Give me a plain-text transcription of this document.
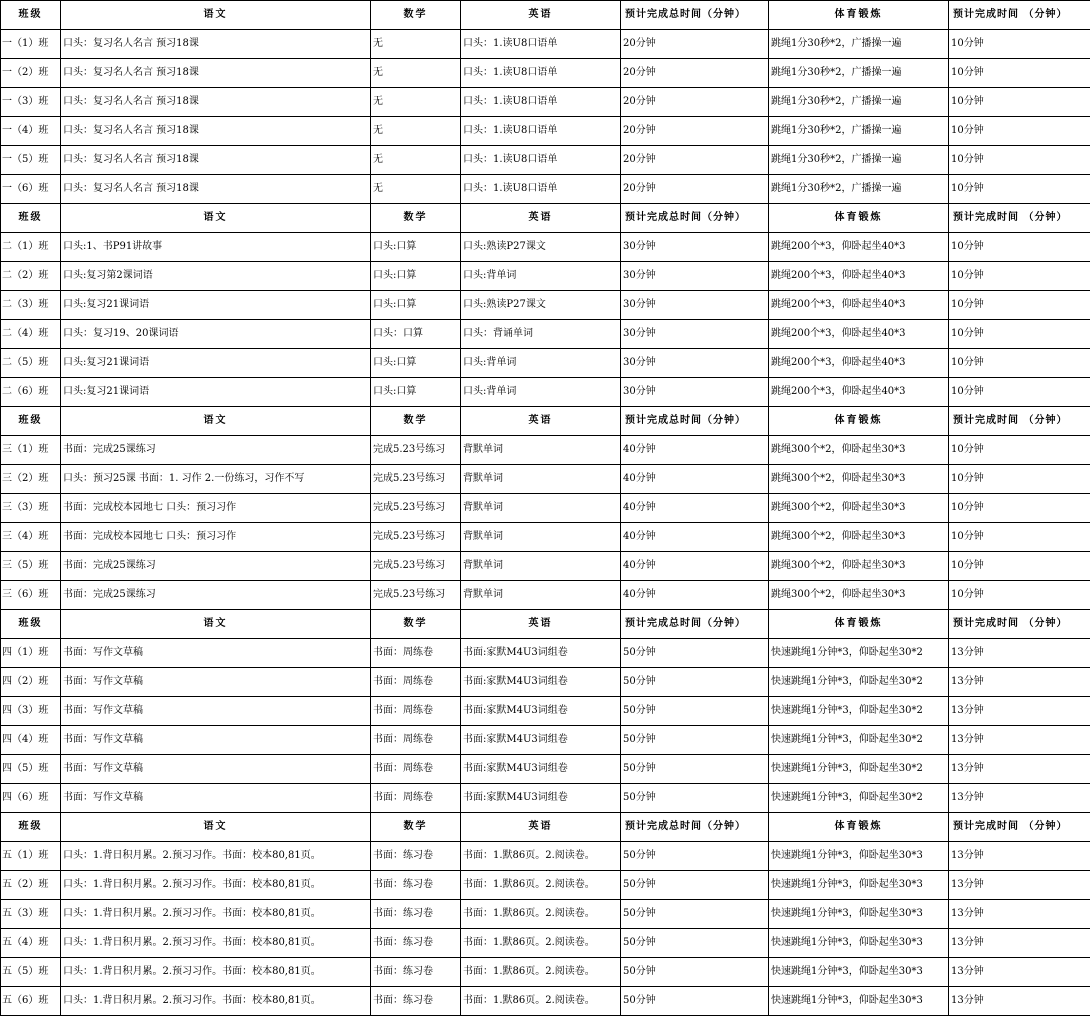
班级	语文	数学	英语	预计完成总时间（分钟）	体育锻炼	预计完成时间 （分钟）
一（1）班	口头：复习名人名言 预习18课	无	口头：1.读U8口语单	20分钟	跳绳1分30秒*2，广播操一遍	10分钟
一（2）班	口头：复习名人名言 预习18课	无	口头：1.读U8口语单	20分钟	跳绳1分30秒*2，广播操一遍	10分钟
一（3）班	口头：复习名人名言 预习18课	无	口头：1.读U8口语单	20分钟	跳绳1分30秒*2，广播操一遍	10分钟
一（4）班	口头：复习名人名言 预习18课	无	口头：1.读U8口语单	20分钟	跳绳1分30秒*2，广播操一遍	10分钟
一（5）班	口头：复习名人名言 预习18课	无	口头：1.读U8口语单	20分钟	跳绳1分30秒*2，广播操一遍	10分钟
一（6）班	口头：复习名人名言 预习18课	无	口头：1.读U8口语单	20分钟	跳绳1分30秒*2，广播操一遍	10分钟
班级	语文	数学	英语	预计完成总时间（分钟）	体育锻炼	预计完成时间 （分钟）
二（1）班	口头:1、书P91讲故事	口头:口算	口头:熟读P27课文	30分钟	跳绳200个*3，仰卧起坐40*3	10分钟
二（2）班	口头:复习第2课词语	口头:口算	口头:背单词	30分钟	跳绳200个*3，仰卧起坐40*3	10分钟
二（3）班	口头:复习21课词语	口头:口算	口头:熟读P27课文	30分钟	跳绳200个*3，仰卧起坐40*3	10分钟
二（4）班	口头：复习19、20课词语	口头：口算	口头：背诵单词	30分钟	跳绳200个*3，仰卧起坐40*3	10分钟
二（5）班	口头:复习21课词语	口头:口算	口头:背单词	30分钟	跳绳200个*3，仰卧起坐40*3	10分钟
二（6）班	口头:复习21课词语	口头:口算	口头:背单词	30分钟	跳绳200个*3，仰卧起坐40*3	10分钟
班级	语文	数学	英语	预计完成总时间（分钟）	体育锻炼	预计完成时间 （分钟）
三（1）班	书面：完成25课练习	完成5.23号练习	背默单词	40分钟	跳绳300个*2，仰卧起坐30*3	10分钟
三（2）班	口头：预习25课 书面：1. 习作 2.一份练习，习作不写	完成5.23号练习	背默单词	40分钟	跳绳300个*2，仰卧起坐30*3	10分钟
三（3）班	书面：完成校本园地七 口头：预习习作	完成5.23号练习	背默单词	40分钟	跳绳300个*2，仰卧起坐30*3	10分钟
三（4）班	书面：完成校本园地七 口头：预习习作	完成5.23号练习	背默单词	40分钟	跳绳300个*2，仰卧起坐30*3	10分钟
三（5）班	书面：完成25课练习	完成5.23号练习	背默单词	40分钟	跳绳300个*2，仰卧起坐30*3	10分钟
三（6）班	书面：完成25课练习	完成5.23号练习	背默单词	40分钟	跳绳300个*2，仰卧起坐30*3	10分钟
班级	语文	数学	英语	预计完成总时间（分钟）	体育锻炼	预计完成时间 （分钟）
四（1）班	书面：写作文草稿	书面：周练卷	书面:家默M4U3词组卷	50分钟	快速跳绳1分钟*3，仰卧起坐30*2	13分钟
四（2）班	书面：写作文草稿	书面：周练卷	书面:家默M4U3词组卷	50分钟	快速跳绳1分钟*3，仰卧起坐30*2	13分钟
四（3）班	书面：写作文草稿	书面：周练卷	书面:家默M4U3词组卷	50分钟	快速跳绳1分钟*3，仰卧起坐30*2	13分钟
四（4）班	书面：写作文草稿	书面：周练卷	书面:家默M4U3词组卷	50分钟	快速跳绳1分钟*3，仰卧起坐30*2	13分钟
四（5）班	书面：写作文草稿	书面：周练卷	书面:家默M4U3词组卷	50分钟	快速跳绳1分钟*3，仰卧起坐30*2	13分钟
四（6）班	书面：写作文草稿	书面：周练卷	书面:家默M4U3词组卷	50分钟	快速跳绳1分钟*3，仰卧起坐30*2	13分钟
班级	语文	数学	英语	预计完成总时间（分钟）	体育锻炼	预计完成时间 （分钟）
五（1）班	口头：1.背日积月累。2.预习习作。书面：校本80,81页。	书面：练习卷	书面：1.默86页。2.阅读卷。	50分钟	快速跳绳1分钟*3，仰卧起坐30*3	13分钟
五（2）班	口头：1.背日积月累。2.预习习作。书面：校本80,81页。	书面：练习卷	书面：1.默86页。2.阅读卷。	50分钟	快速跳绳1分钟*3，仰卧起坐30*3	13分钟
五（3）班	口头：1.背日积月累。2.预习习作。书面：校本80,81页。	书面：练习卷	书面：1.默86页。2.阅读卷。	50分钟	快速跳绳1分钟*3，仰卧起坐30*3	13分钟
五（4）班	口头：1.背日积月累。2.预习习作。书面：校本80,81页。	书面：练习卷	书面：1.默86页。2.阅读卷。	50分钟	快速跳绳1分钟*3，仰卧起坐30*3	13分钟
五（5）班	口头：1.背日积月累。2.预习习作。书面：校本80,81页。	书面：练习卷	书面：1.默86页。2.阅读卷。	50分钟	快速跳绳1分钟*3，仰卧起坐30*3	13分钟
五（6）班	口头：1.背日积月累。2.预习习作。书面：校本80,81页。	书面：练习卷	书面：1.默86页。2.阅读卷。	50分钟	快速跳绳1分钟*3，仰卧起坐30*3	13分钟
